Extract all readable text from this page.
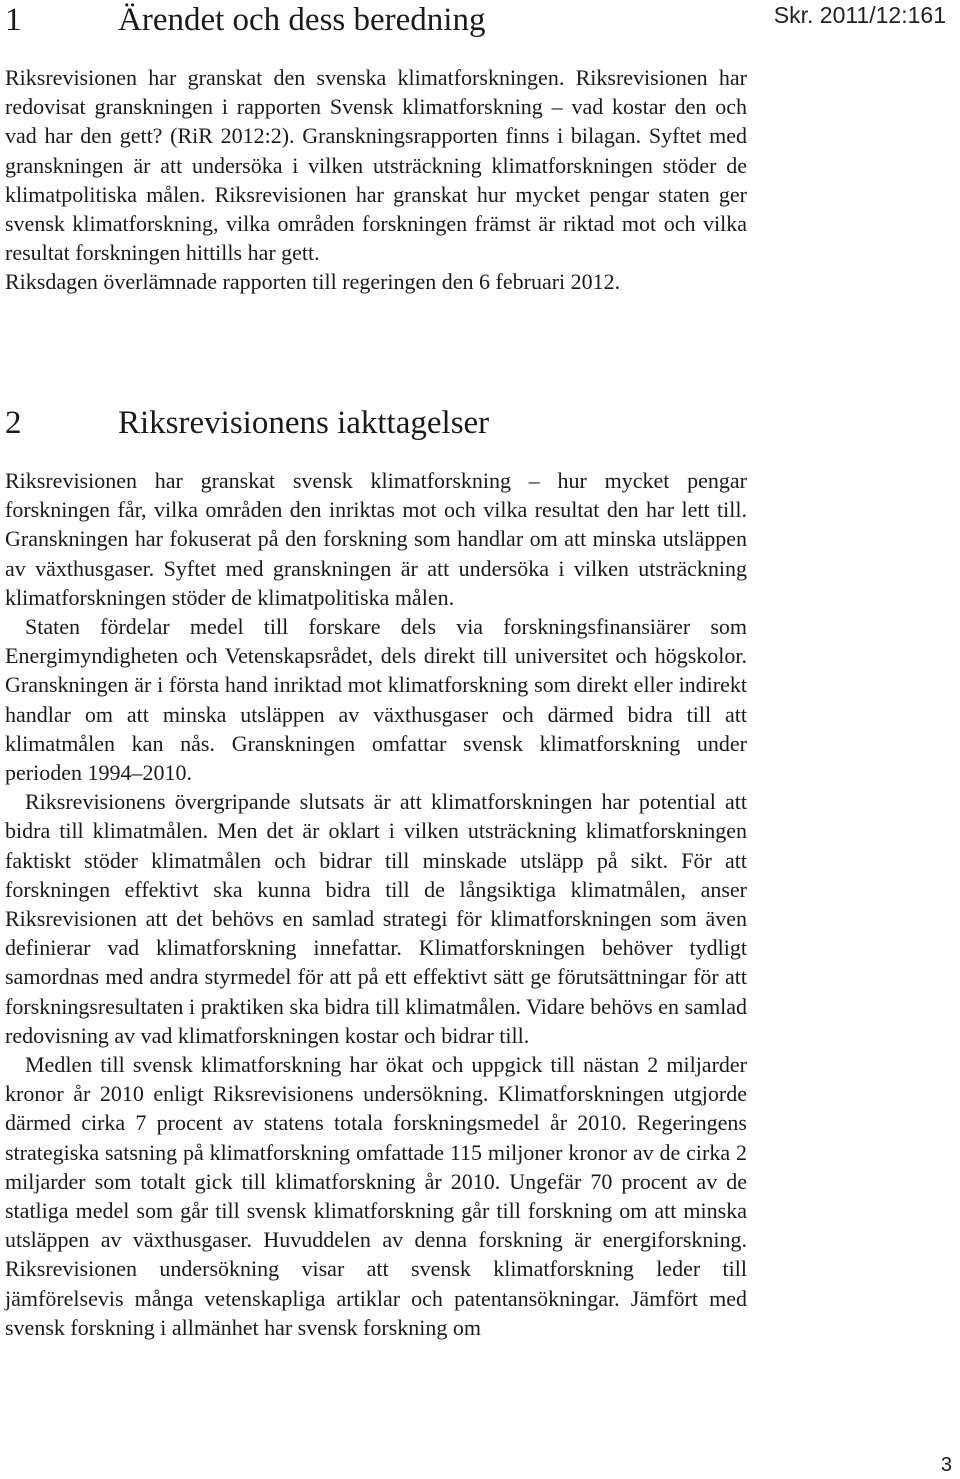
Skr. 2011/12:161

1	Ärendet och dess beredning

Riksrevisionen har granskat den svenska klimatforskningen. Riksrevisionen har redovisat granskningen i rapporten Svensk klimatforskning – vad kostar den och vad har den gett? (RiR 2012:2). Granskningsrapporten finns i bilagan. Syftet med granskningen är att undersöka i vilken utsträckning klimatforskningen stöder de klimatpolitiska målen. Riksrevisionen har granskat hur mycket pengar staten ger svensk klimatforskning, vilka områden forskningen främst är riktad mot och vilka resultat forskningen hittills har gett.

Riksdagen överlämnade rapporten till regeringen den 6 februari 2012.

2	Riksrevisionens iakttagelser

Riksrevisionen har granskat svensk klimatforskning – hur mycket pengar forskningen får, vilka områden den inriktas mot och vilka resultat den har lett till. Granskningen har fokuserat på den forskning som handlar om att minska utsläppen av växthusgaser. Syftet med granskningen är att undersöka i vilken utsträckning klimatforskningen stöder de klimatpolitiska målen.

Staten fördelar medel till forskare dels via forskningsfinansiärer som Energimyndigheten och Vetenskapsrådet, dels direkt till universitet och högskolor. Granskningen är i första hand inriktad mot klimatforskning som direkt eller indirekt handlar om att minska utsläppen av växthusgaser och därmed bidra till att klimatmålen kan nås. Granskningen omfattar svensk klimatforskning under perioden 1994–2010.

Riksrevisionens övergripande slutsats är att klimatforskningen har potential att bidra till klimatmålen. Men det är oklart i vilken utsträckning klimatforskningen faktiskt stöder klimatmålen och bidrar till minskade utsläpp på sikt. För att forskningen effektivt ska kunna bidra till de långsiktiga klimatmålen, anser Riksrevisionen att det behövs en samlad strategi för klimatforskningen som även definierar vad klimatforskning innefattar. Klimatforskningen behöver tydligt samordnas med andra styrmedel för att på ett effektivt sätt ge förutsättningar för att forskningsresultaten i praktiken ska bidra till klimatmålen. Vidare behövs en samlad redovisning av vad klimatforskningen kostar och bidrar till.

Medlen till svensk klimatforskning har ökat och uppgick till nästan 2 miljarder kronor år 2010 enligt Riksrevisionens undersökning. Klimatforskningen utgjorde därmed cirka 7 procent av statens totala forskningsmedel år 2010. Regeringens strategiska satsning på klimatforskning omfattade 115 miljoner kronor av de cirka 2 miljarder som totalt gick till klimatforskning år 2010. Ungefär 70 procent av de statliga medel som går till svensk klimatforskning går till forskning om att minska utsläppen av växthusgaser. Huvuddelen av denna forskning är energiforskning. Riksrevisionen undersökning visar att svensk klimatforskning leder till jämförelsevis många vetenskapliga artiklar och patentansökningar. Jämfört med svensk forskning i allmänhet har svensk forskning om

3
